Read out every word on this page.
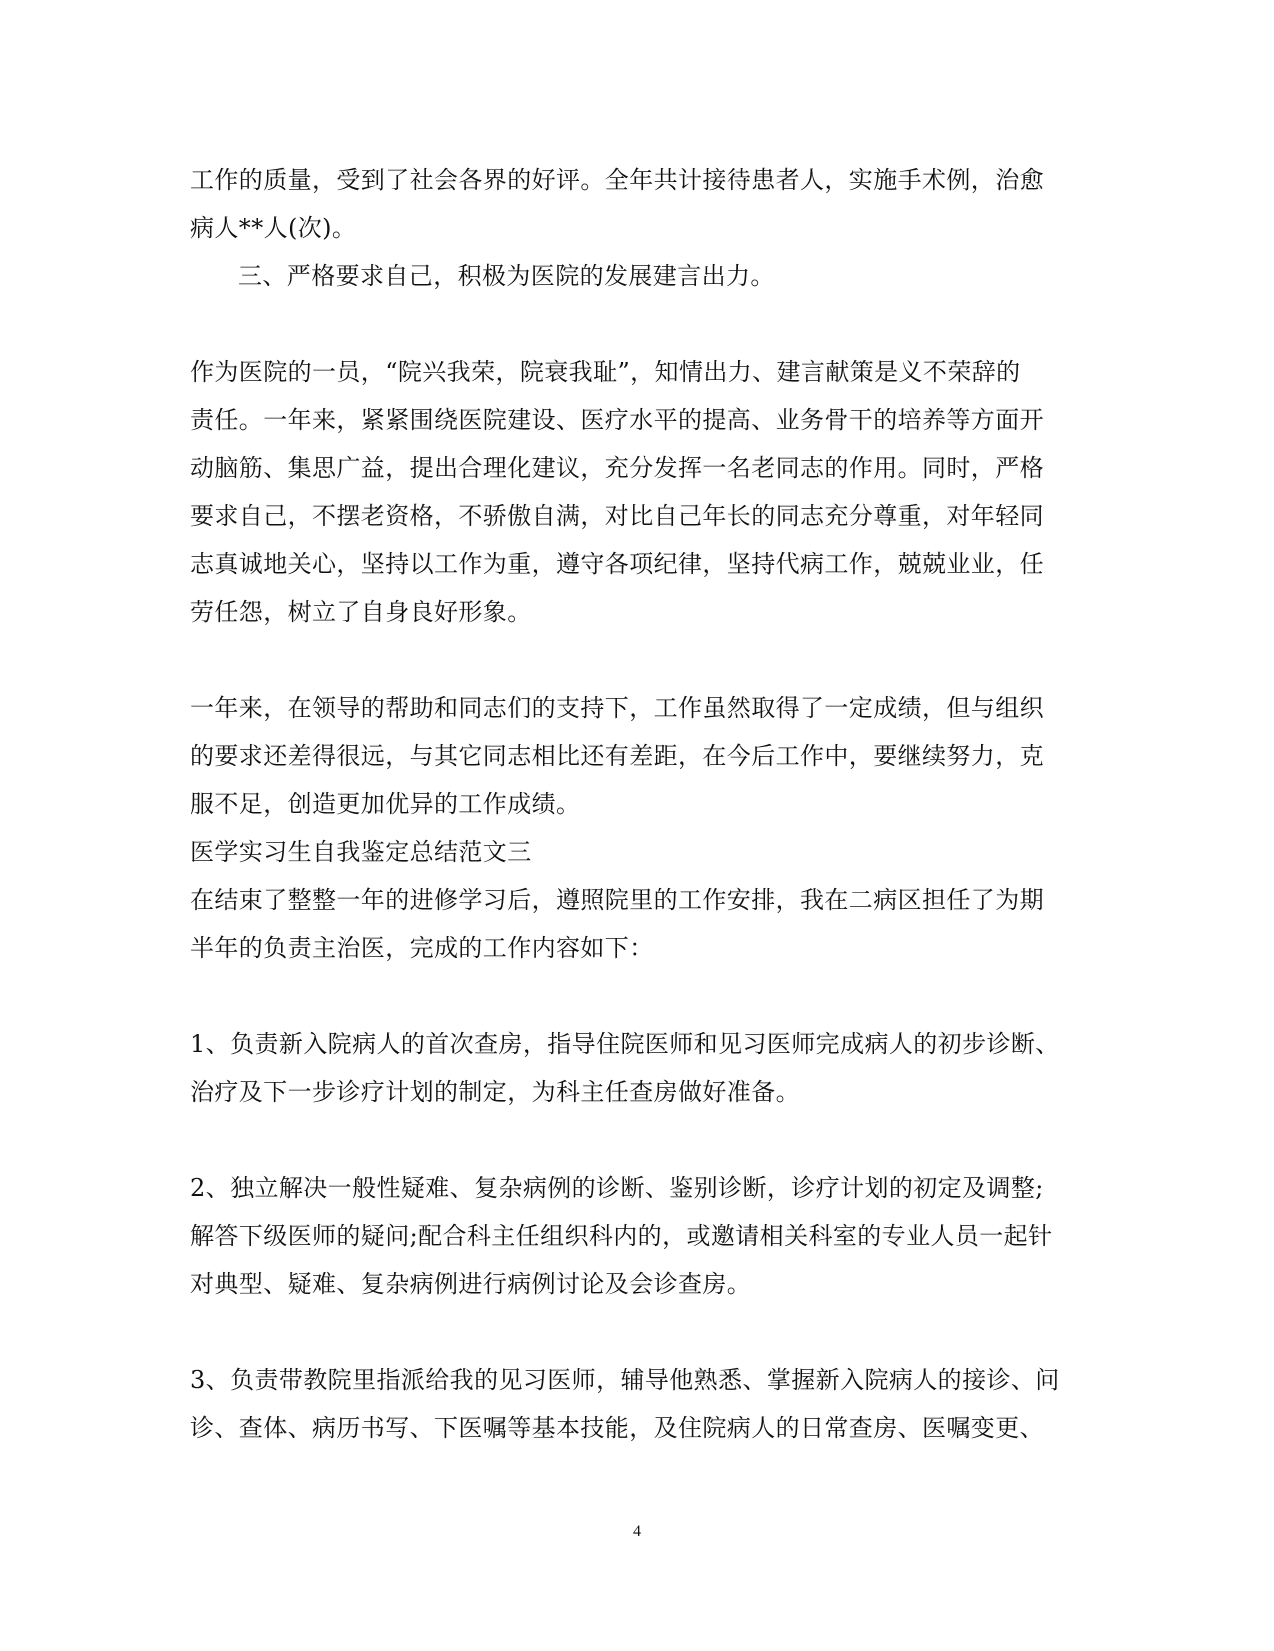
工作的质量，受到了社会各界的好评。全年共计接待患者人，实施手术例，治愈
病人**人(次)。
三、严格要求自己，积极为医院的发展建言出力。
作为医院的一员，“院兴我荣，院衰我耻”，知情出力、建言献策是义不荣辞的
责任。一年来，紧紧围绕医院建设、医疗水平的提高、业务骨干的培养等方面开
动脑筋、集思广益，提出合理化建议，充分发挥一名老同志的作用。同时，严格
要求自己，不摆老资格，不骄傲自满，对比自己年长的同志充分尊重，对年轻同
志真诚地关心，坚持以工作为重，遵守各项纪律，坚持代病工作，兢兢业业，任
劳任怨，树立了自身良好形象。
一年来，在领导的帮助和同志们的支持下，工作虽然取得了一定成绩，但与组织
的要求还差得很远，与其它同志相比还有差距，在今后工作中，要继续努力，克
服不足，创造更加优异的工作成绩。
医学实习生自我鉴定总结范文三
在结束了整整一年的进修学习后，遵照院里的工作安排，我在二病区担任了为期
半年的负责主治医，完成的工作内容如下：
1、负责新入院病人的首次查房，指导住院医师和见习医师完成病人的初步诊断、
治疗及下一步诊疗计划的制定，为科主任查房做好准备。
2、独立解决一般性疑难、复杂病例的诊断、鉴别诊断，诊疗计划的初定及调整;
解答下级医师的疑问;配合科主任组织科内的，或邀请相关科室的专业人员一起针
对典型、疑难、复杂病例进行病例讨论及会诊查房。
3、负责带教院里指派给我的见习医师，辅导他熟悉、掌握新入院病人的接诊、问
诊、查体、病历书写、下医嘱等基本技能，及住院病人的日常查房、医嘱变更、
4
